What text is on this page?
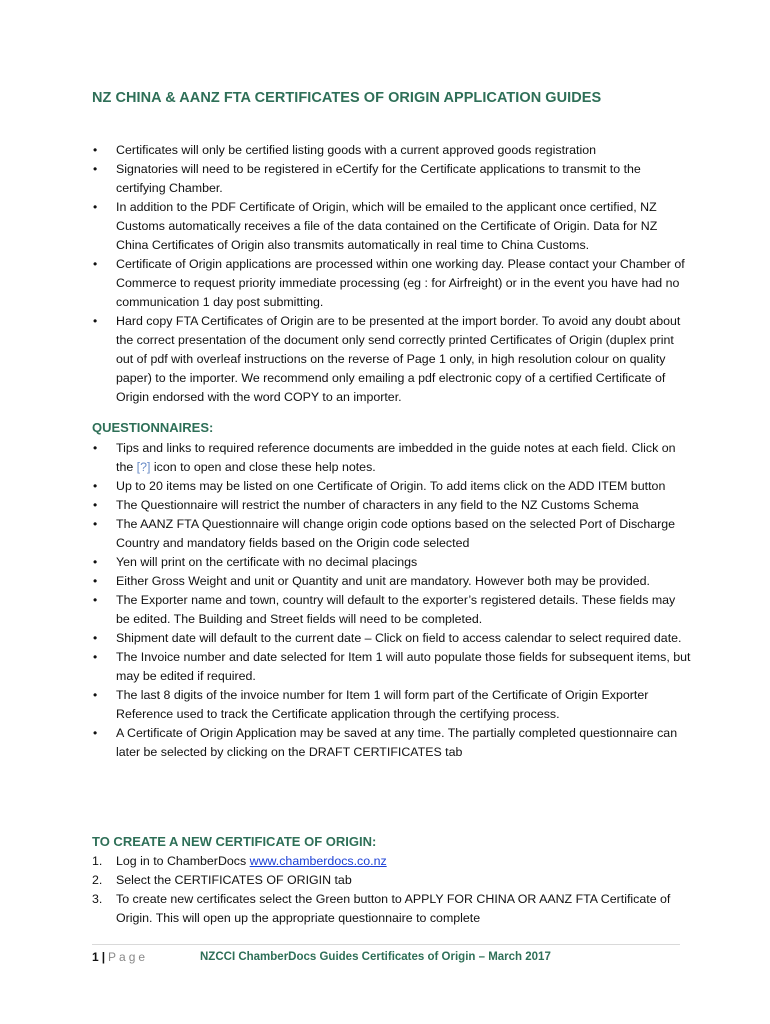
NZ CHINA & AANZ FTA CERTIFICATES OF ORIGIN APPLICATION GUIDES
• Certificates will only be certified listing goods with a current approved goods registration
• Signatories will need to be registered in eCertify for the Certificate applications to transmit to the certifying Chamber.
• In addition to the PDF Certificate of Origin, which will be emailed to the applicant once certified, NZ Customs automatically receives a file of the data contained on the Certificate of Origin. Data for NZ China Certificates of Origin also transmits automatically in real time to China Customs.
• Certificate of Origin applications are processed within one working day. Please contact your Chamber of Commerce to request priority immediate processing (eg : for Airfreight) or in the event you have had no communication 1 day post submitting.
• Hard copy FTA Certificates of Origin are to be presented at the import border. To avoid any doubt about the correct presentation of the document only send correctly printed Certificates of Origin (duplex print out of pdf with overleaf instructions on the reverse of Page 1 only, in high resolution colour on quality paper) to the importer. We recommend only emailing a pdf electronic copy of a certified Certificate of Origin endorsed with the word COPY to an importer.
QUESTIONNAIRES:
• Tips and links to required reference documents are imbedded in the guide notes at each field. Click on the [?] icon to open and close these help notes.
• Up to 20 items may be listed on one Certificate of Origin. To add items click on the ADD ITEM button
• The Questionnaire will restrict the number of characters in any field to the NZ Customs Schema
• The AANZ FTA Questionnaire will change origin code options based on the selected Port of Discharge Country and mandatory fields based on the Origin code selected
• Yen will print on the certificate with no decimal placings
• Either Gross Weight and unit or Quantity and unit are mandatory. However both may be provided.
• The Exporter name and town, country will default to the exporter’s registered details. These fields may be edited. The Building and Street fields will need to be completed.
• Shipment date will default to the current date – Click on field to access calendar to select required date.
• The Invoice number and date selected for Item 1 will auto populate those fields for subsequent items, but may be edited if required.
• The last 8 digits of the invoice number for Item 1 will form part of the Certificate of Origin Exporter Reference used to track the Certificate application through the certifying process.
• A Certificate of Origin Application may be saved at any time. The partially completed questionnaire can later be selected by clicking on the DRAFT CERTIFICATES tab
TO CREATE A NEW CERTIFICATE OF ORIGIN:
1. Log in to ChamberDocs www.chamberdocs.co.nz
2. Select the CERTIFICATES OF ORIGIN tab
3. To create new certificates select the Green button to APPLY FOR CHINA OR AANZ FTA Certificate of Origin. This will open up the appropriate questionnaire to complete
1 | Page	NZCCI ChamberDocs Guides Certificates of Origin – March 2017
